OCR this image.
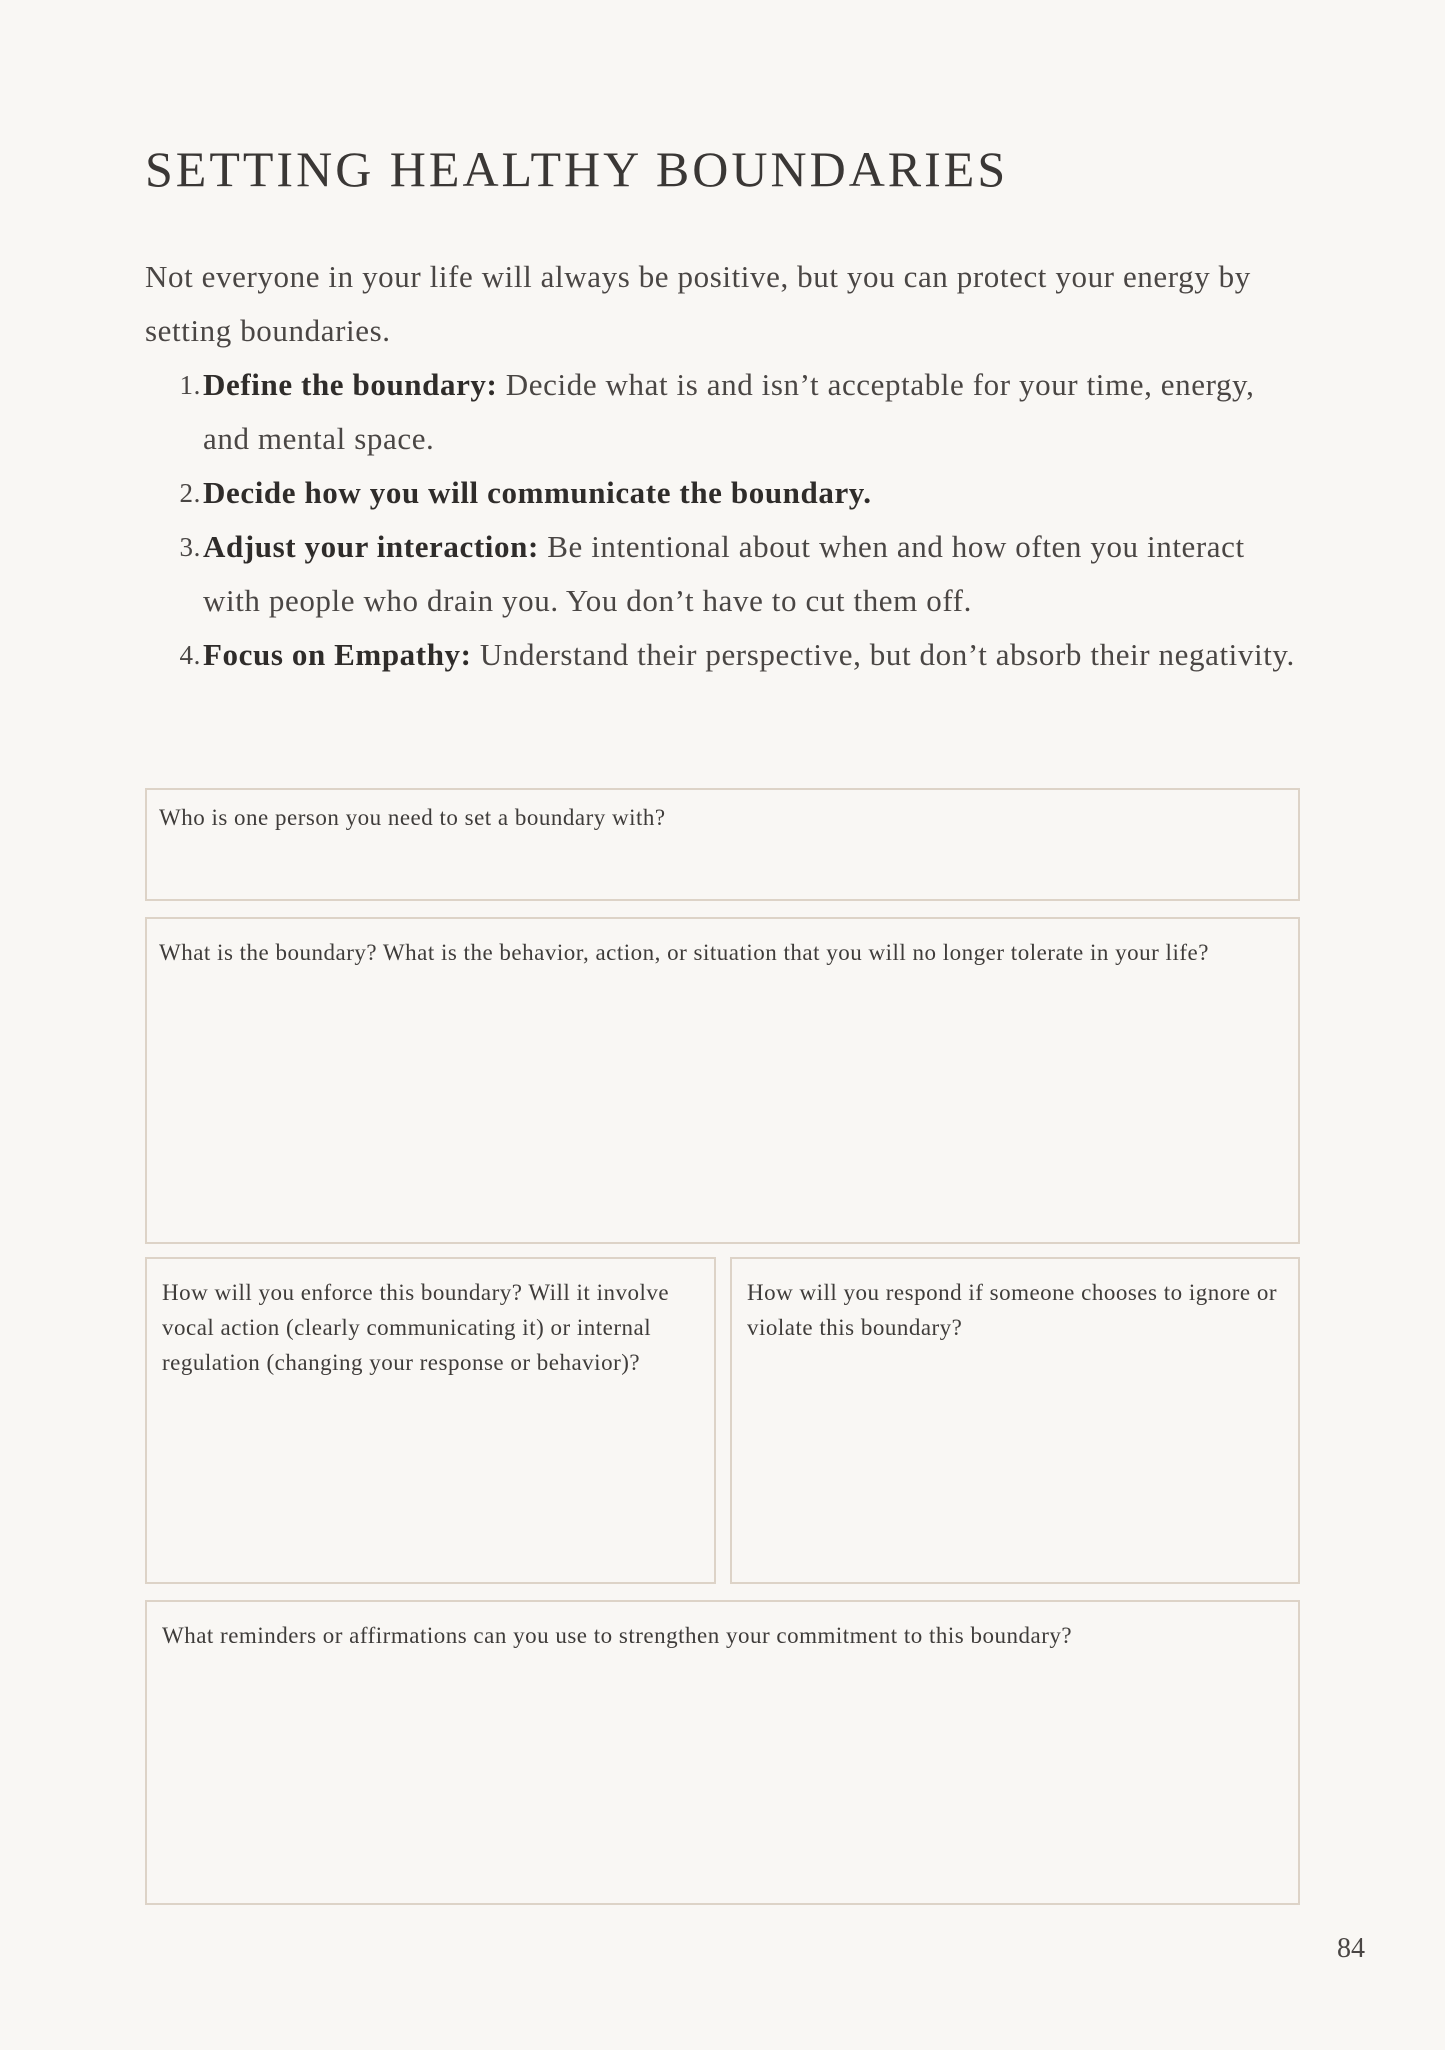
SETTING HEALTHY BOUNDARIES

Not everyone in your life will always be positive, but you can protect your energy by setting boundaries.

1. Define the boundary: Decide what is and isn’t acceptable for your time, energy, and mental space.
2. Decide how you will communicate the boundary.
3. Adjust your interaction: Be intentional about when and how often you interact with people who drain you. You don’t have to cut them off.
4. Focus on Empathy: Understand their perspective, but don’t absorb their negativity.
Who is one person you need to set a boundary with?
What is the boundary? What is the behavior, action, or situation that you will no longer tolerate in your life?
How will you enforce this boundary? Will it involve vocal action (clearly communicating it) or internal regulation (changing your response or behavior)?
How will you respond if someone chooses to ignore or violate this boundary?
What reminders or affirmations can you use to strengthen your commitment to this boundary?
84
